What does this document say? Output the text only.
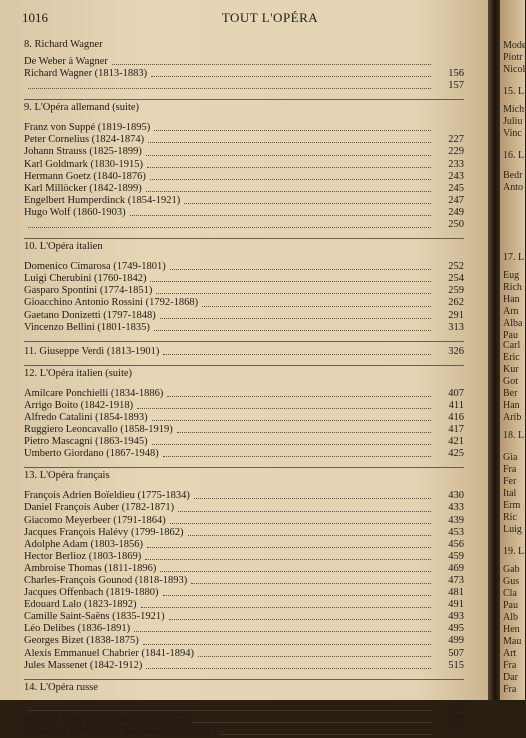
1016	TOUT L'OPÉRA
8. Richard Wagner
De Weber à Wagner
Richard Wagner (1813-1883)	156
157
9. L'Opéra allemand (suite)
Franz von Suppé (1819-1895)
Peter Cornelius (1824-1874)	227
Johann Strauss (1825-1899)	229
Karl Goldmark (1830-1915)	233
Hermann Goetz (1840-1876)	243
Karl Millöcker (1842-1899)	245
Engelbert Humperdinck (1854-1921)	247
Hugo Wolf (1860-1903)	249
250
10. L'Opéra italien
Domenico Cimarosa (1749-1801)	252
Luigi Cherubini (1760-1842)	254
Gasparo Spontini (1774-1851)	259
Gioacchino Antonio Rossini (1792-1868)	262
Gaetano Donizetti (1797-1848)	291
Vincenzo Bellini (1801-1835)	313
11. Giuseppe Verdi (1813-1901)	326
12. L'Opéra italien (suite)
Amilcare Ponchielli (1834-1886)	407
Arrigo Boito (1842-1918)	411
Alfredo Catalini (1854-1893)	416
Ruggiero Leoncavallo (1858-1919)	417
Pietro Mascagni (1863-1945)	421
Umberto Giordano (1867-1948)	425
13. L'Opéra français
François Adrien Boïeldieu (1775-1834)	430
Daniel François Auber (1782-1871)	433
Giacomo Meyerbeer (1791-1864)	439
Jacques François Halévy (1799-1862)	453
Adolphe Adam (1803-1856)	456
Hector Berlioz (1803-1869)	459
Ambroise Thomas (1811-1896)	469
Charles-François Gounod (1818-1893)	473
Jacques Offenbach (1819-1880)	481
Edouard Lalo (1823-1892)	491
Camille Saint-Saëns (1835-1921)	493
Léo Delibes (1836-1891)	495
Georges Bizet (1838-1875)	499
Alexis Emmanuel Chabrier (1841-1894)	507
Jules Massenet (1842-1912)	515
14. L'Opéra russe
526
Michael Ivanovich Glinka (1804-1857)	528
Aleksandr Porfyrevich Borodine (1834-1887)
Mode
Piotr
Nicol
15. L
Mich
Juliu
Vinc
16. L
Bedr
Anto
17. L
Eug
Rich
Han
Arn
Alba
Pau
Carl
Eric
Kur
Got
Ber
Han
Arib
18. L
Gia
Fra
Fer
Ital
Erm
Ric
Luig
19. L
Gab
Gus
Cla
Pau
Alb
Hen
Mau
Art
Fra
Dar
Fra
